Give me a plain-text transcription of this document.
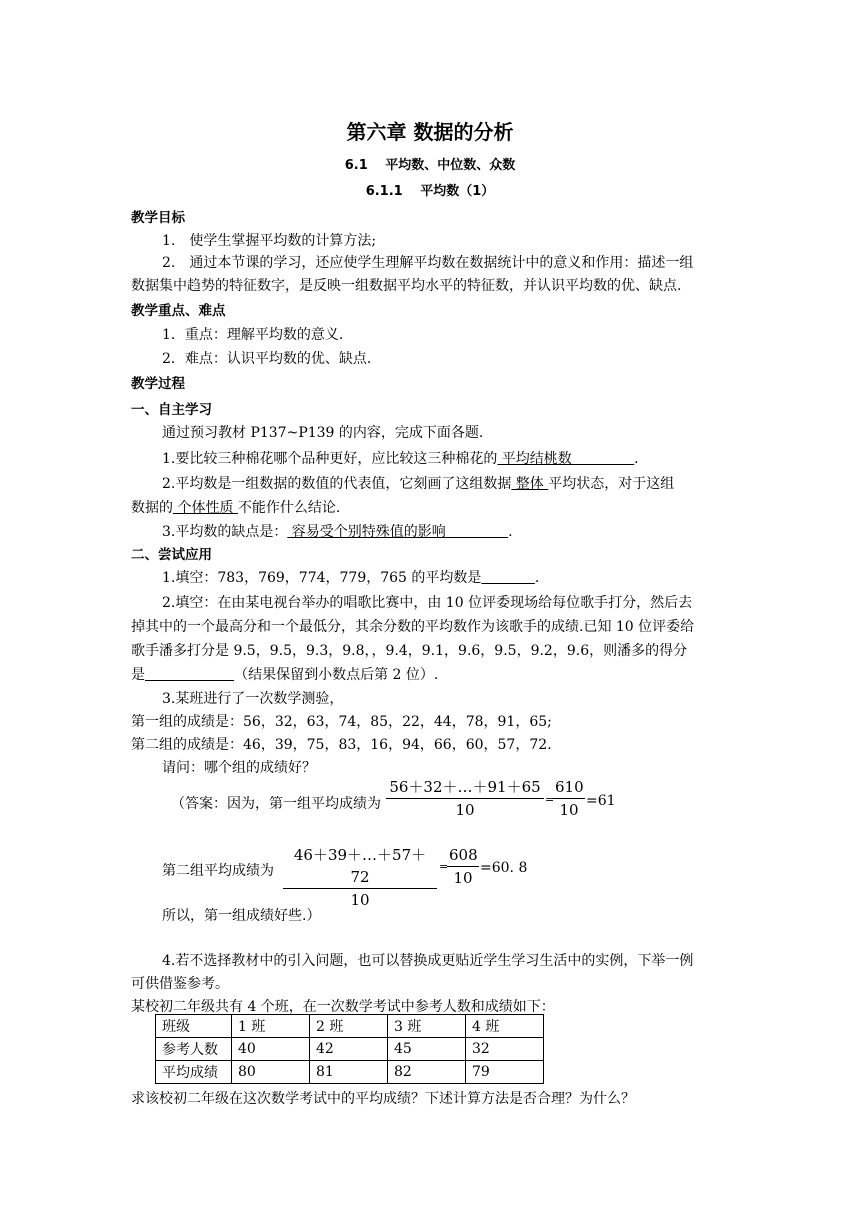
第六章 数据的分析
6.1　 平均数、中位数、众数
6.1.1　 平均数（1）
教学目标
1.　使学生掌握平均数的计算方法;
2.　通过本节课的学习，还应使学生理解平均数在数据统计中的意义和作用：描述一组
数据集中趋势的特征数字，是反映一组数据平均水平的特征数，并认识平均数的优、缺点.
教学重点、难点
1．重点：理解平均数的意义.
2．难点：认识平均数的优、缺点.
教学过程
一、自主学习
通过预习教材 P137~P139 的内容，完成下面各题.
1.要比较三种棉花哪个品种更好，应比较这三种棉花的 平均结桃数       	.
2.平均数是一组数据的数值的代表值，它刻画了这组数据 整体 平均状态，对于这组
数据的 个体性质 不能作什么结论.
3.平均数的缺点是： 容易受个别特殊值的影响       	.
二、尝试应用
1.填空：783，769，774，779，765 的平均数是      	.
2.填空：在由某电视台举办的唱歌比赛中，由 10 位评委现场给每位歌手打分，然后去
掉其中的一个最高分和一个最低分，其余分数的平均数作为该歌手的成绩.已知 10 位评委给
歌手潘多打分是 9.5，9.5，9.3，9.8，，9.4，9.1，9.6，9.5，9.2，9.6，则潘多的得分
是          	（结果保留到小数点后第 2 位）.
3.某班进行了一次数学测验，
第一组的成绩是：56，32，63，74，85，22，44，78，91，65;
第二组的成绩是：46，39，75，83，16，94，66，60，57，72.
请问：哪个组的成绩好？
（答案：因为，第一组平均成绩为 $\frac{56+32+\dots+91+65}{10}$ =
$\frac{610}{10} =61$
第二组平均成绩为 $\frac{46+39+\dots+57+72}{10}$ =
$\frac{608}{10} =60$. 8
所以，第一组成绩好些.）
4.若不选择教材中的引入问题，也可以替换成更贴近学生学习生活中的实例，下举一例
可供借鉴参考。
某校初二年级共有 4 个班，在一次数学考试中参考人数和成绩如下：
班级	1 班	2 班	3 班	4 班
参考人数	40	42	45	32
平均成绩	80	81	82	79
求该校初二年级在这次数学考试中的平均成绩？下述计算方法是否合理？为什么？
